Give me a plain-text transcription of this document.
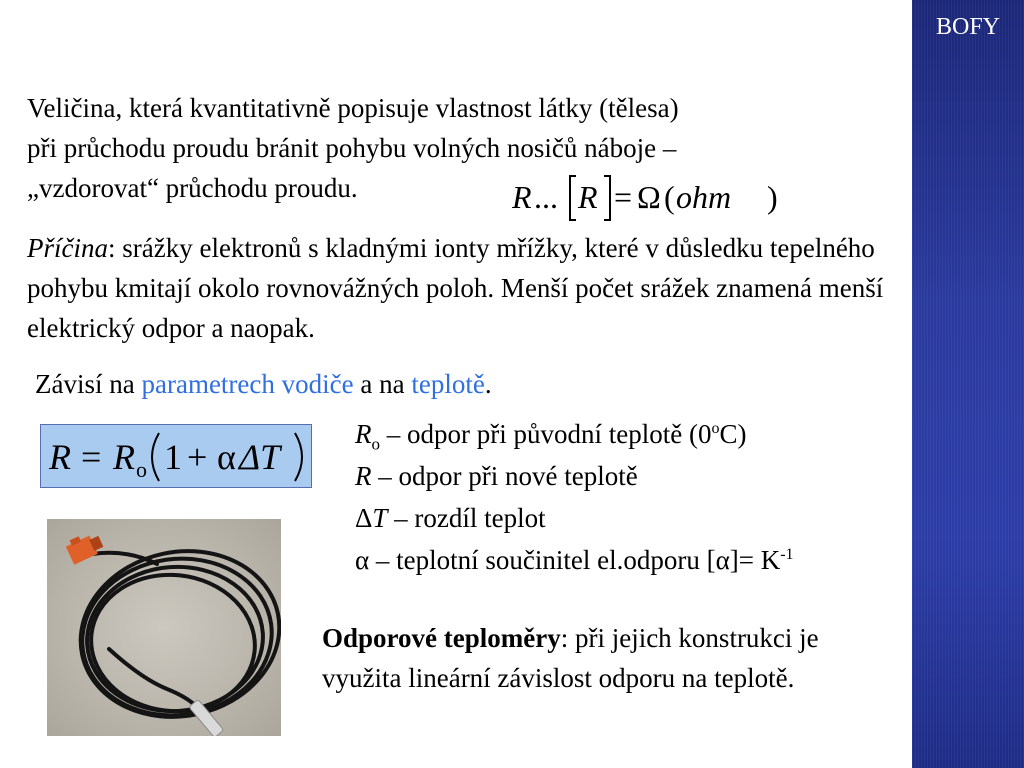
BOFY
ELEKTRICKÝ ODPOR
Veličina, která kvantitativně popisuje vlastnost látky (tělesa)
při průchodu proudu bránit pohybu volných nosičů náboje –
„vzdorovat“ průchodu proudu.	R ... R = Ω ( ohm )
Příčina: srážky elektronů s kladnými ionty mřížky, které v důsledku tepelného pohybu kmitají okolo rovnovážných poloh. Menší počet srážek znamená menší elektrický odpor a naopak.
Závisí na parametrech vodiče a na teplotě.
R = R o 1 + α ΔT
$R_o$ – odpor při původní teplotě (0$^o$C)
R – odpor při nové teplotě
ΔT – rozdíl teplot
α – teplotní součinitel el.odporu $[\alpha]= K^{-1}$
Odporové teploměry: při jejich konstrukci je využita lineární závislost odporu na teplotě.
